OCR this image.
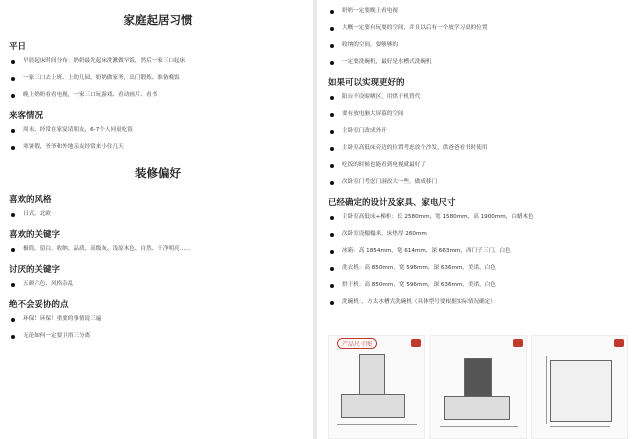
家庭起居习惯
平日
早晨起床时间分布：奶奶最先起床洗漱做早饭，然后一家三口起床
一家三口去上班、上幼儿园，奶奶做家务，出门锻炼、准备晚饭
晚上奶奶看看电视，一家三口玩游戏、看动画片、看书
来客情况
周末，经常在家宴请朋友，6-7个人同桌吃饭
寒暑假，爷爷和外地亲友经常来小住几天
装修偏好
喜欢的风格
日式、北欧
喜欢的关键字
极简、留白、收纳、品质、高级灰、浅原木色、自然、干净明亮……
讨厌的关键字
五颜六色、风格杂乱
绝不会妥协的点
环保！环保！重要的事情说三遍
无论如何一定要卫浴三分离
奶奶一定要晚上看电视
大概一定要有玩耍的空间，并且以后有一个放学习桌的位置
收纳的空间，要够够的
一定要洗碗机，最好是水槽式洗碗机
如果可以实现更好的
阳台不设晾晒区，用烘干机替代
要有放电脑大屏幕的空间
主卧室门改成外开
主卧室高低床旁边的位置考虑放个沙发，供爸爸看书时使用
吃饭的时候也能看到电视就最好了
次卧室门考虑门洞改大一些，做成移门
已经确定的设计及家具、家电尺寸
主卧室高低床+梯柜：长 2580mm，宽 1580mm，高 1900mm，白蜡木色
次卧室设榻榻米，床垫厚 260mm
冰箱：高 1854mm，宽 614mm，深 663mm，西门子三门，白色
洗衣机：高 850mm，宽 596mm，深 636mm，美诺，白色
烘干机：高 850mm，宽 596mm，深 636mm，美诺，白色
洗碗机：，方太水槽式洗碗机（具体型号要根据实际情况确定）
产品尺寸图
